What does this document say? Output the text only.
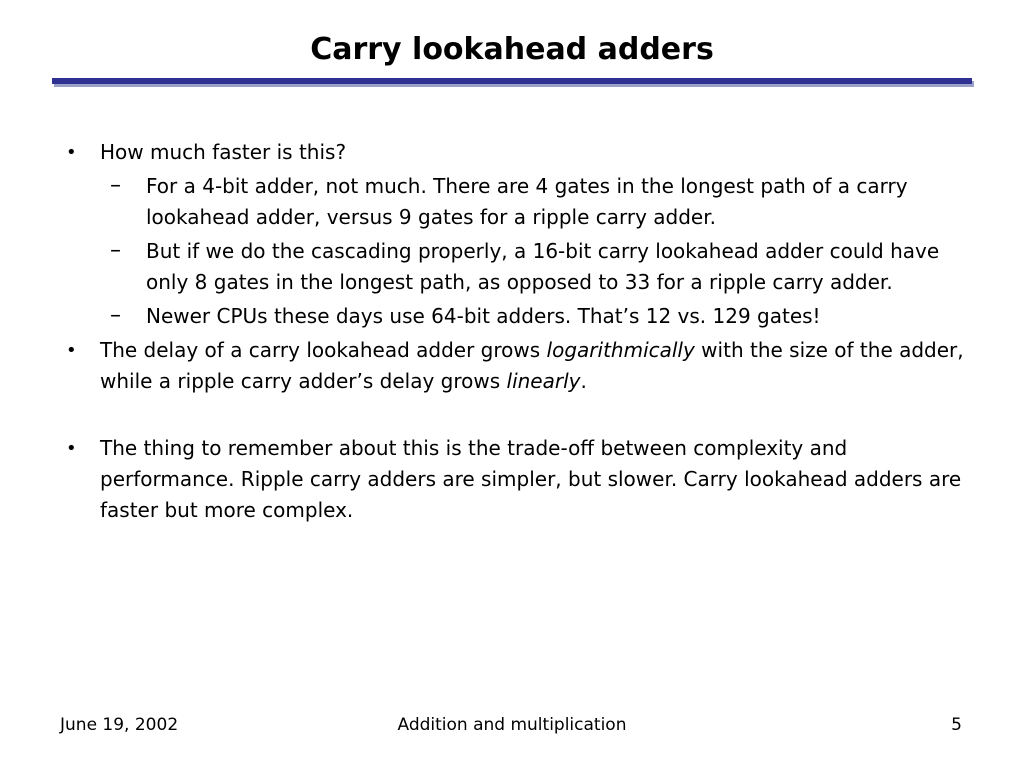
Carry lookahead adders
• How much faster is this?
– For a 4-bit adder, not much. There are 4 gates in the longest path of a carry lookahead adder, versus 9 gates for a ripple carry adder.
– But if we do the cascading properly, a 16-bit carry lookahead adder could have only 8 gates in the longest path, as opposed to 33 for a ripple carry adder.
– Newer CPUs these days use 64-bit adders. That’s 12 vs. 129 gates!
• The delay of a carry lookahead adder grows logarithmically with the size of the adder, while a ripple carry adder’s delay grows linearly.
• The thing to remember about this is the trade-off between complexity and performance. Ripple carry adders are simpler, but slower. Carry lookahead adders are faster but more complex.
June 19, 2002	Addition and multiplication	5
